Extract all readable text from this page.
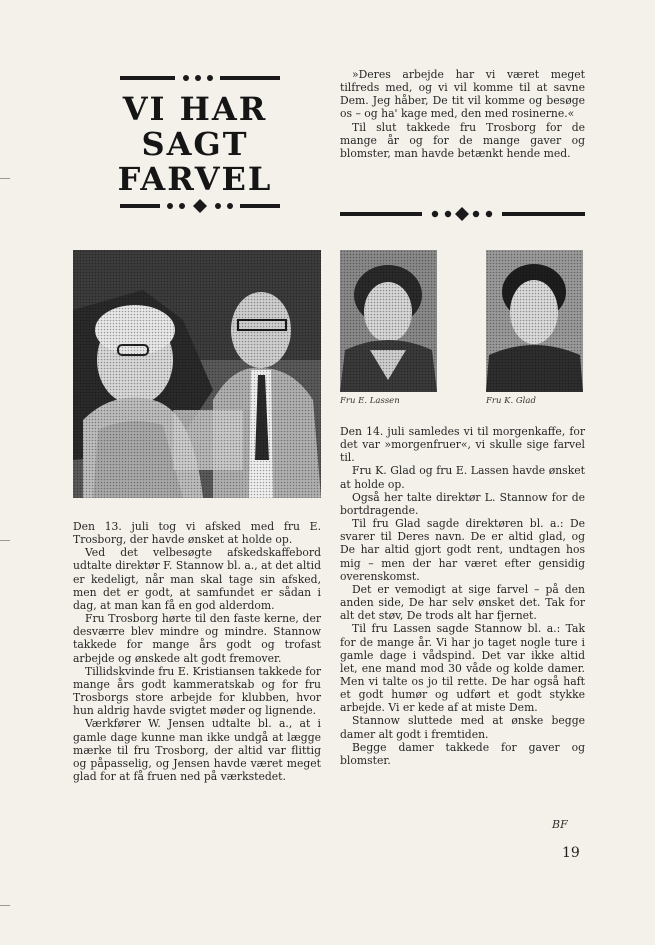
VI HAR
SAGT
FARVEL

»Deres arbejde har vi været meget tilfreds med, og vi vil komme til at savne Dem. Jeg håber, De tit vil komme og besøge os – og ha' kage med, den med rosinerne.«

Til slut takkede fru Trosborg for de mange år og for de mange gaver og blomster, man havde betænkt hende med.

Fru E. Lassen	Fru K. Glad

Den 13. juli tog vi afsked med fru E. Trosborg, der havde ønsket at holde op.

Ved det velbesøgte afskedskaffebord udtalte direktør F. Stannow bl. a., at det altid er kedeligt, når man skal tage sin afsked, men det er godt, at samfundet er sådan i dag, at man kan få en god alderdom.

Fru Trosborg hørte til den faste kerne, der desværre blev mindre og mindre. Stannow takkede for mange års godt og trofast arbejde og ønskede alt godt fremover.

Tillidskvinde fru E. Kristiansen takkede for mange års godt kammeratskab og for fru Trosborgs store arbejde for klubben, hvor hun aldrig havde svigtet møder og lignende.

Værkfører W. Jensen udtalte bl. a., at i gamle dage kunne man ikke undgå at lægge mærke til fru Trosborg, der altid var flittig og påpasselig, og Jensen havde været meget glad for at få fruen ned på værkstedet.

Den 14. juli samledes vi til morgenkaffe, for det var »morgenfruer«, vi skulle sige farvel til.

Fru K. Glad og fru E. Lassen havde ønsket at holde op.

Også her talte direktør L. Stannow for de bortdragende.

Til fru Glad sagde direktøren bl. a.: De svarer til Deres navn. De er altid glad, og De har altid gjort godt rent, undtagen hos mig – men der har været efter gensidig overenskomst.

Det er vemodigt at sige farvel – på den anden side, De har selv ønsket det. Tak for alt det støv, De trods alt har fjernet.

Til fru Lassen sagde Stannow bl. a.: Tak for de mange år. Vi har jo taget nogle ture i gamle dage i vådspind. Det var ikke altid let, ene mand mod 30 våde og kolde damer. Men vi talte os jo til rette. De har også haft et godt humør og udført et godt stykke arbejde. Vi er kede af at miste Dem.

Stannow sluttede med at ønske begge damer alt godt i fremtiden.

Begge damer takkede for gaver og blomster.

BF
19
